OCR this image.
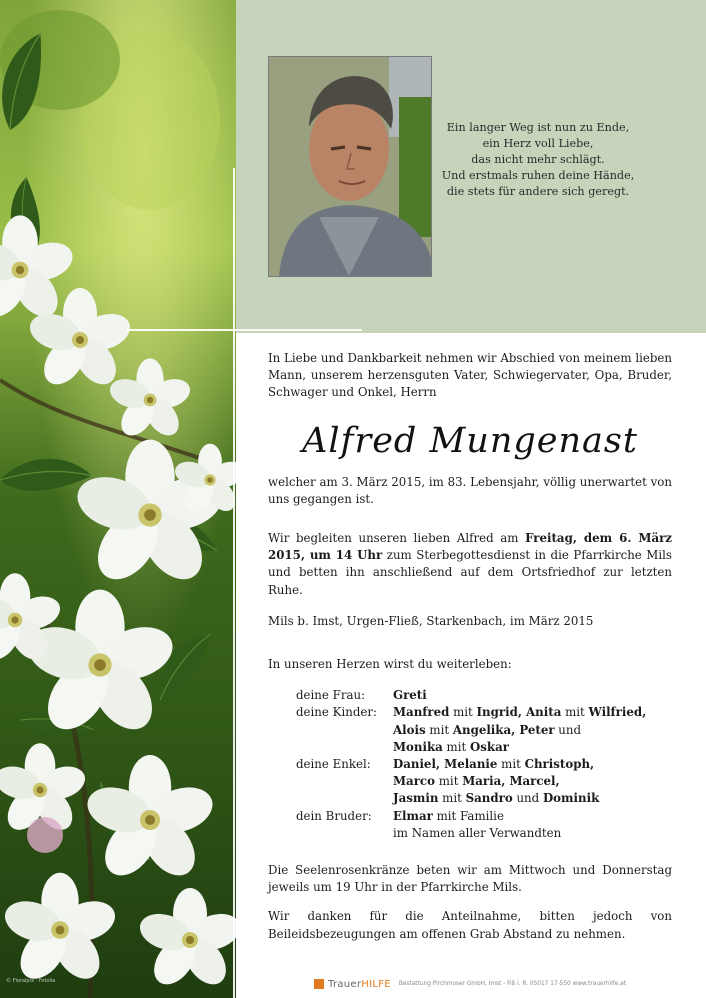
Ein langer Weg ist nun zu Ende,
ein Herz voll Liebe,
das nicht mehr schlägt.
Und erstmals ruhen deine Hände,
die stets für andere sich geregt.

In Liebe und Dankbarkeit nehmen wir Abschied von meinem lieben Mann, unserem herzensguten Vater, Schwiegervater, Opa, Bruder, Schwager und Onkel, Herrn

Alfred Mungenast

welcher am 3. März 2015, im 83. Lebensjahr, völlig unerwartet von uns gegangen ist.

Wir begleiten unseren lieben Alfred am Freitag, dem 6. März 2015, um 14 Uhr zum Sterbegottesdienst in die Pfarrkirche Mils und betten ihn anschließend auf dem Ortsfriedhof zur letzten Ruhe.

Mils b. Imst, Urgen-Fließ, Starkenbach, im März 2015

In unseren Herzen wirst du weiterleben:

deine Frau:	Greti
deine Kinder:	Manfred mit Ingrid, Anita mit Wilfried,
Alois mit Angelika, Peter und
Monika mit Oskar
deine Enkel:	Daniel, Melanie mit Christoph,
Marco mit Maria, Marcel,
Jasmin mit Sandro und Dominik
dein Bruder:	Elmar mit Familie
im Namen aller Verwandten

Die Seelenrosenkränze beten wir am Mittwoch und Donnerstag jeweils um 19 Uhr in der Pfarrkirche Mils.

Wir danken für die Anteilnahme, bitten jedoch von Beileidsbezeugungen am offenen Grab Abstand zu nehmen.

© Floralpix · Fotolia	TrauerHILFE Bestattung Pirchmoser GmbH, Imst - Fiß i. R. 05017 17-550 www.trauerhilfe.at
